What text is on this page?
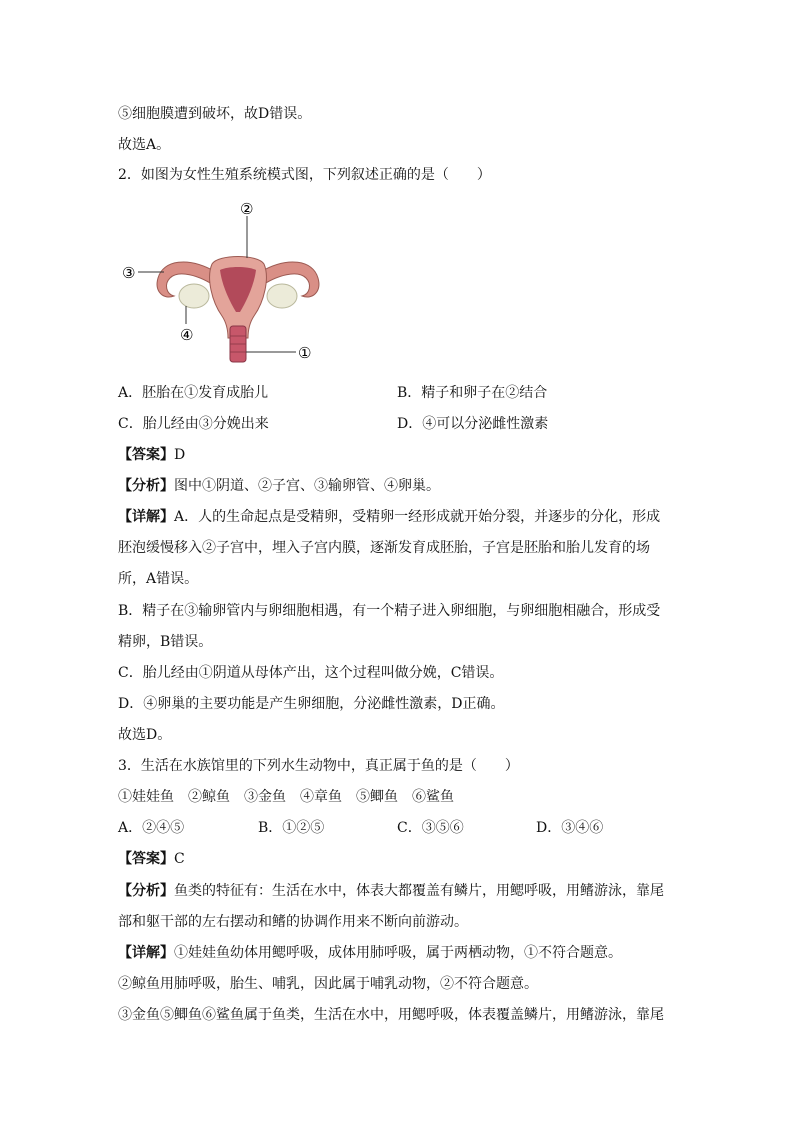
⑤细胞膜遭到破坏，故D错误。
故选A。
2．如图为女性生殖系统模式图，下列叙述正确的是（　　）
②
③
④
①
A．胚胎在①发育成胎儿	B．精子和卵子在②结合
C．胎儿经由③分娩出来	D．④可以分泌雌性激素
【答案】D
【分析】图中①阴道、②子宫、③输卵管、④卵巢。
【详解】A．人的生命起点是受精卵，受精卵一经形成就开始分裂，并逐步的分化，形成
胚泡缓慢移入②子宫中，埋入子宫内膜，逐渐发育成胚胎，子宫是胚胎和胎儿发育的场
所，A错误。
B．精子在③输卵管内与卵细胞相遇，有一个精子进入卵细胞，与卵细胞相融合，形成受
精卵，B错误。
C．胎儿经由①阴道从母体产出，这个过程叫做分娩，C错误。
D．④卵巢的主要功能是产生卵细胞，分泌雌性激素，D正确。
故选D。
3．生活在水族馆里的下列水生动物中，真正属于鱼的是（　　）
①娃娃鱼　②鲸鱼　③金鱼　④章鱼　⑤鲫鱼　⑥鲨鱼
A．②④⑤	B．①②⑤	C．③⑤⑥	D．③④⑥
【答案】C
【分析】鱼类的特征有：生活在水中，体表大都覆盖有鳞片，用鳃呼吸，用鳍游泳，靠尾
部和躯干部的左右摆动和鳍的协调作用来不断向前游动。
【详解】①娃娃鱼幼体用鳃呼吸，成体用肺呼吸，属于两栖动物，①不符合题意。
②鲸鱼用肺呼吸，胎生、哺乳，因此属于哺乳动物，②不符合题意。
③金鱼⑤鲫鱼⑥鲨鱼属于鱼类，生活在水中，用鳃呼吸，体表覆盖鳞片，用鳍游泳，靠尾
